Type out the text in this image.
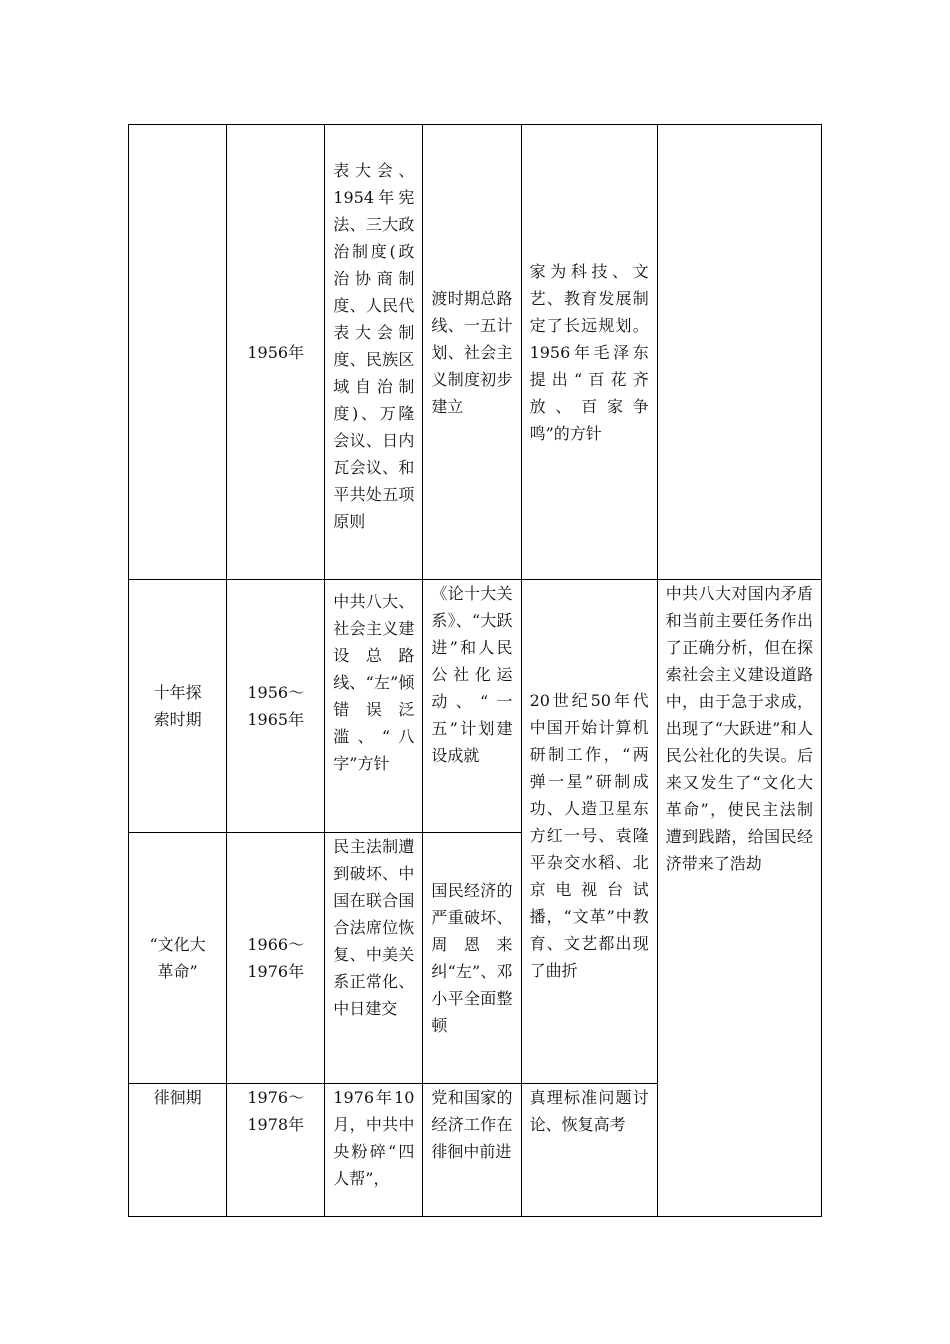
	1956年	表大会、1954年宪法、三大政治制度(政治协商制度、人民代表大会制度、民族区域自治制度)、万隆会议、日内瓦会议、和平共处五项原则	渡时期总路线、一五计划、社会主义制度初步建立	家为科技、文艺、教育发展制定了长远规划。1956年毛泽东提出“百花齐放、百家争鸣”的方针	

十年探索时期	1956～1965年	中共八大、社会主义建设总路线、“左”倾错误泛滥、“八字”方针	《论十大关系》、“大跃进”和人民公社化运动、“一五”计划建设成就	20世纪50年代中国开始计算机研制工作，“两弹一星”研制成功、人造卫星东方红一号、袁隆平杂交水稻、北京电视台试播，“文革”中教育、文艺都出现了曲折	中共八大对国内矛盾和当前主要任务作出了正确分析，但在探索社会主义建设道路中，由于急于求成，出现了“大跃进”和人民公社化的失误。后来又发生了“文化大革命”，使民主法制遭到践踏，给国民经济带来了浩劫

“文化大革命”	1966～1976年	民主法制遭到破坏、中国在联合国合法席位恢复、中美关系正常化、中日建交	国民经济的严重破坏、周恩来纠“左”、邓小平全面整顿		

徘徊期	1976～1978年	1976年10月，中共中央粉碎“四人帮”，	党和国家的经济工作在徘徊中前进	真理标准问题讨论、恢复高考	
